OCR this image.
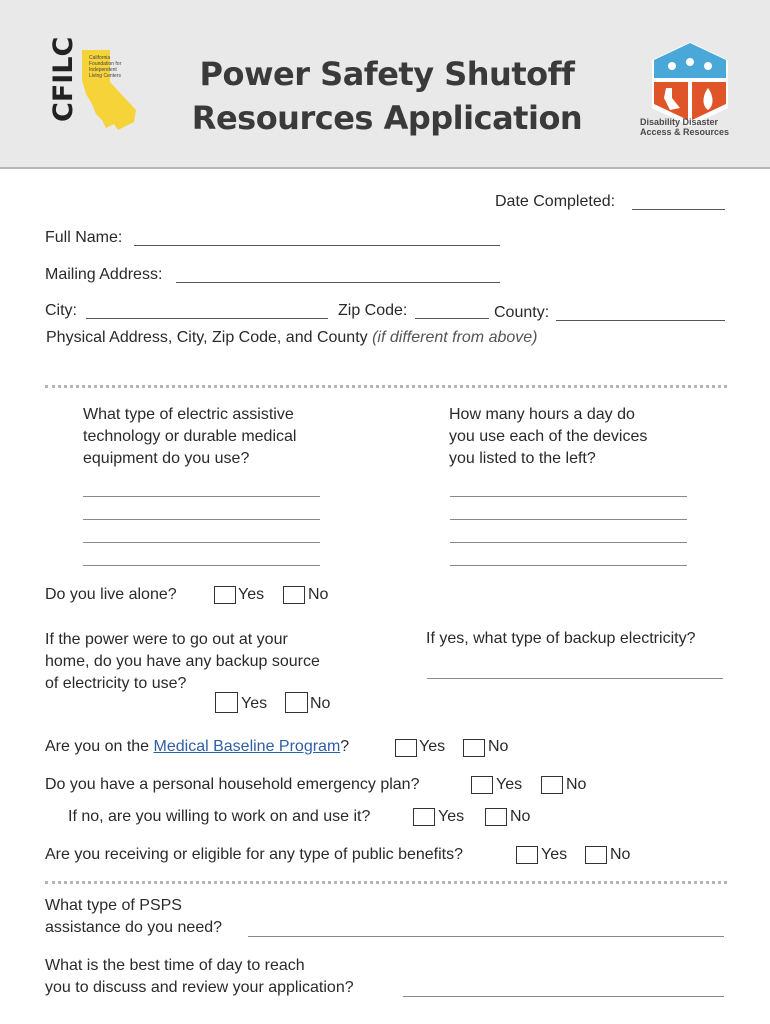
CFILC California Foundation for Independent Living Centers	Power Safety Shutoff
Resources Application	Disability Disaster
Access & Resources
Date Completed:
Full Name:
Mailing Address:
City:	Zip Code:	County:
Physical Address, City, Zip Code, and County (if different from above)
What type of electric assistive
technology or durable medical
equipment do you use?
How many hours a day do
you use each of the devices
you listed to the left?
Do you live alone?	Yes	No
If the power were to go out at your
home, do you have any backup source
of electricity to use?
If yes, what type of backup electricity?
Yes	No
Are you on the Medical Baseline Program?	Yes	No
Do you have a personal household emergency plan?	Yes	No
If no, are you willing to work on and use it?	Yes	No
Are you receiving or eligible for any type of public benefits?	Yes	No
What type of PSPS
assistance do you need?
What is the best time of day to reach
you to discuss and review your application?
